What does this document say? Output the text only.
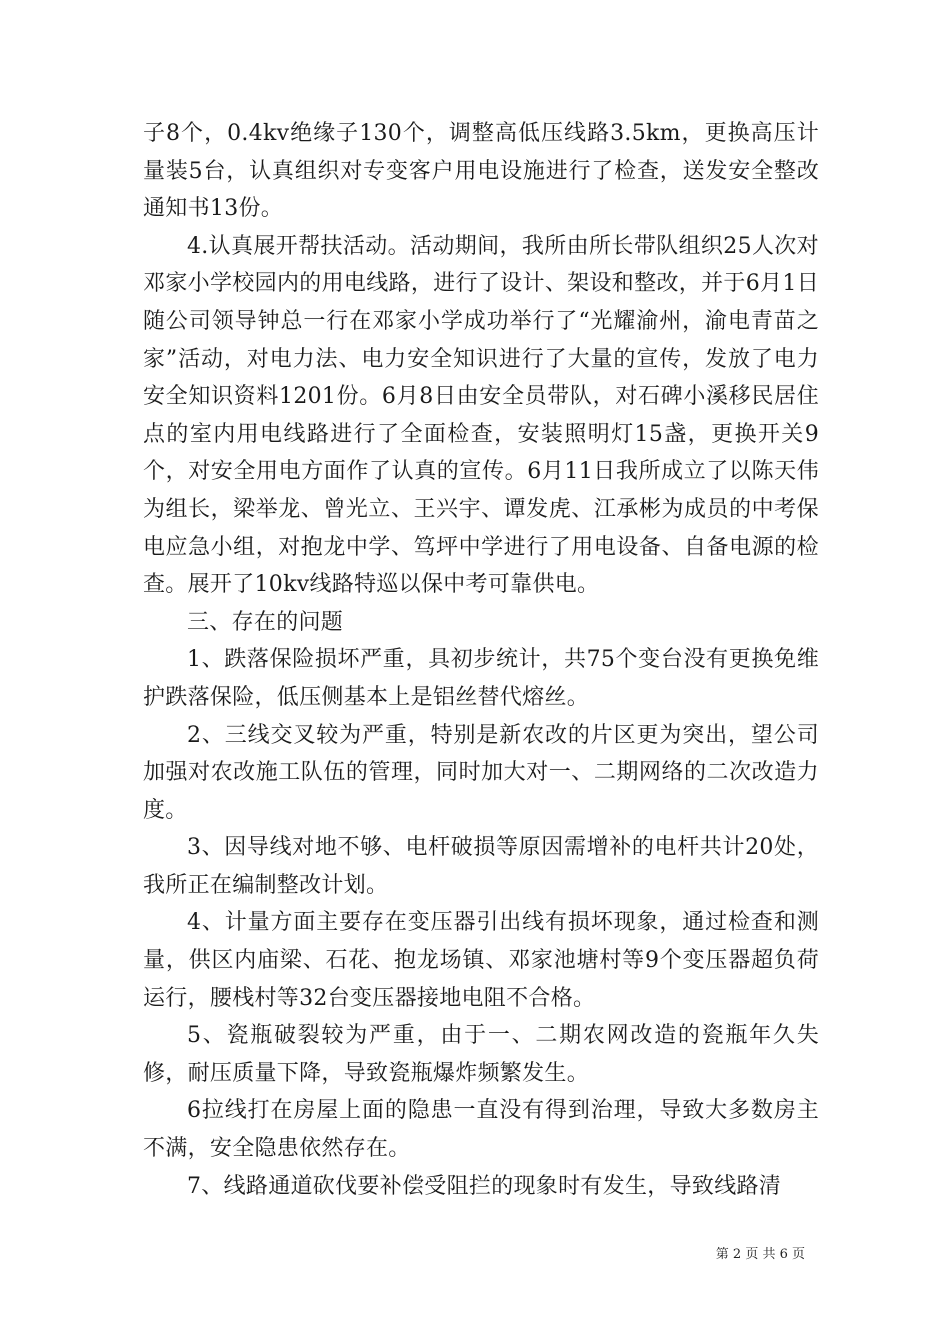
子8个，0.4kv绝缘子130个，调整高低压线路3.5km，更换高压计量装5台，认真组织对专变客户用电设施进行了检查，送发安全整改通知书13份。

4.认真展开帮扶活动。活动期间，我所由所长带队组织25人次对邓家小学校园内的用电线路，进行了设计、架设和整改，并于6月1日随公司领导钟总一行在邓家小学成功举行了“光耀渝州，渝电青苗之家”活动，对电力法、电力安全知识进行了大量的宣传，发放了电力安全知识资料1201份。6月8日由安全员带队，对石碑小溪移民居住点的室内用电线路进行了全面检查，安装照明灯15盏，更换开关9个，对安全用电方面作了认真的宣传。6月11日我所成立了以陈天伟为组长，梁举龙、曾光立、王兴宇、谭发虎、江承彬为成员的中考保电应急小组，对抱龙中学、笃坪中学进行了用电设备、自备电源的检查。展开了10kv线路特巡以保中考可靠供电。

三、存在的问题

1、跌落保险损坏严重，具初步统计，共75个变台没有更换免维护跌落保险，低压侧基本上是铝丝替代熔丝。

2、三线交叉较为严重，特别是新农改的片区更为突出，望公司加强对农改施工队伍的管理，同时加大对一、二期网络的二次改造力度。

3、因导线对地不够、电杆破损等原因需增补的电杆共计20处，我所正在编制整改计划。

4、计量方面主要存在变压器引出线有损坏现象，通过检查和测量，供区内庙梁、石花、抱龙场镇、邓家池塘村等9个变压器超负荷运行，腰栈村等32台变压器接地电阻不合格。

5、瓷瓶破裂较为严重，由于一、二期农网改造的瓷瓶年久失修，耐压质量下降，导致瓷瓶爆炸频繁发生。

6拉线打在房屋上面的隐患一直没有得到治理，导致大多数房主不满，安全隐患依然存在。

7、线路通道砍伐要补偿受阻拦的现象时有发生，导致线路清

第 2 页 共 6 页
